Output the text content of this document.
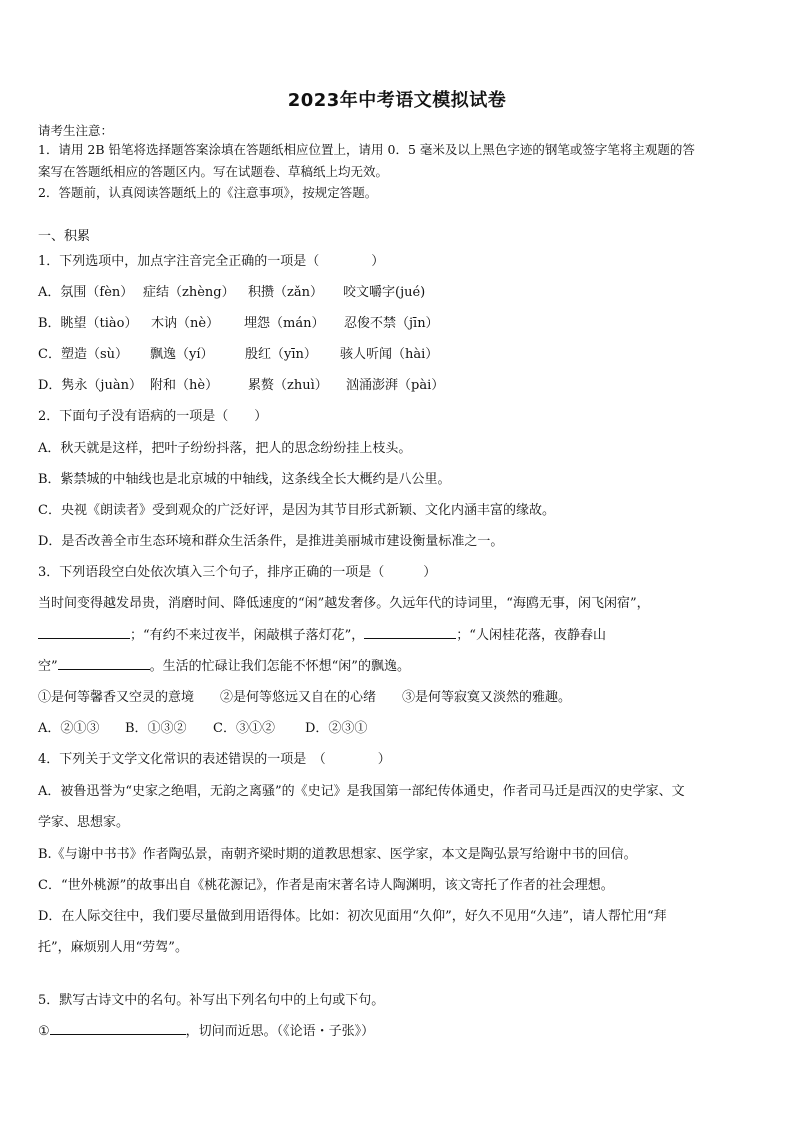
2023年中考语文模拟试卷
请考生注意：
1．请用 2B 铅笔将选择题答案涂填在答题纸相应位置上，请用 0．5 毫米及以上黑色字迹的钢笔或签字笔将主观题的答
案写在答题纸相应的答题区内。写在试题卷、草稿纸上均无效。
2．答题前，认真阅读答题纸上的《注意事项》，按规定答题。
一、积累
1．下列选项中，加点字注音完全正确的一项是（　　　　）
A．氛围（fèn） 症结（zhèng） 积攒（zǎn） 咬文嚼字(jué)
B．眺望（tiào） 木讷（nè） 埋怨（mán） 忍俊不禁（jīn）
C．塑造（sù） 飘逸（yí） 殷红（yīn） 骇人听闻（hài）
D．隽永（juàn） 附和（hè） 累赘（zhuì） 汹涌澎湃（pài）
2．下面句子没有语病的一项是（　　）
A．秋天就是这样，把叶子纷纷抖落，把人的思念纷纷挂上枝头。
B．紫禁城的中轴线也是北京城的中轴线，这条线全长大概约是八公里。
C．央视《朗读者》受到观众的广泛好评，是因为其节目形式新颖、文化内涵丰富的缘故。
D．是否改善全市生态环境和群众生活条件，是推进美丽城市建设衡量标准之一。
3．下列语段空白处依次填入三个句子，排序正确的一项是（　　　）
当时间变得越发昂贵，消磨时间、降低速度的“闲”越发奢侈。久远年代的诗词里，“海鸥无事，闲飞闲宿”，
；“有约不来过夜半，闲敲棋子落灯花”，	；“人闲桂花落，夜静春山
空”	。生活的忙碌让我们怎能不怀想“闲”的飘逸。
①是何等馨香又空灵的意境　　②是何等悠远又自在的心绪　　③是何等寂寞又淡然的雅趣。
A．②①③ B．①③② C．③①② D．②③①
4．下列关于文学文化常识的表述错误的一项是　（　　　　）
A．被鲁迅誉为“史家之绝唱，无韵之离骚”的《史记》是我国第一部纪传体通史，作者司马迁是西汉的史学家、文
学家、思想家。
B.《与谢中书书》作者陶弘景，南朝齐梁时期的道教思想家、医学家，本文是陶弘景写给谢中书的回信。
C．“世外桃源”的故事出自《桃花源记》，作者是南宋著名诗人陶渊明，该文寄托了作者的社会理想。
D．在人际交往中，我们要尽量做到用语得体。比如：初次见面用“久仰”，好久不见用“久违”，请人帮忙用“拜
托”，麻烦别人用“劳驾”。
5．默写古诗文中的名句。补写出下列名句中的上句或下句。
①	，切问而近思。（《论语・子张》）
